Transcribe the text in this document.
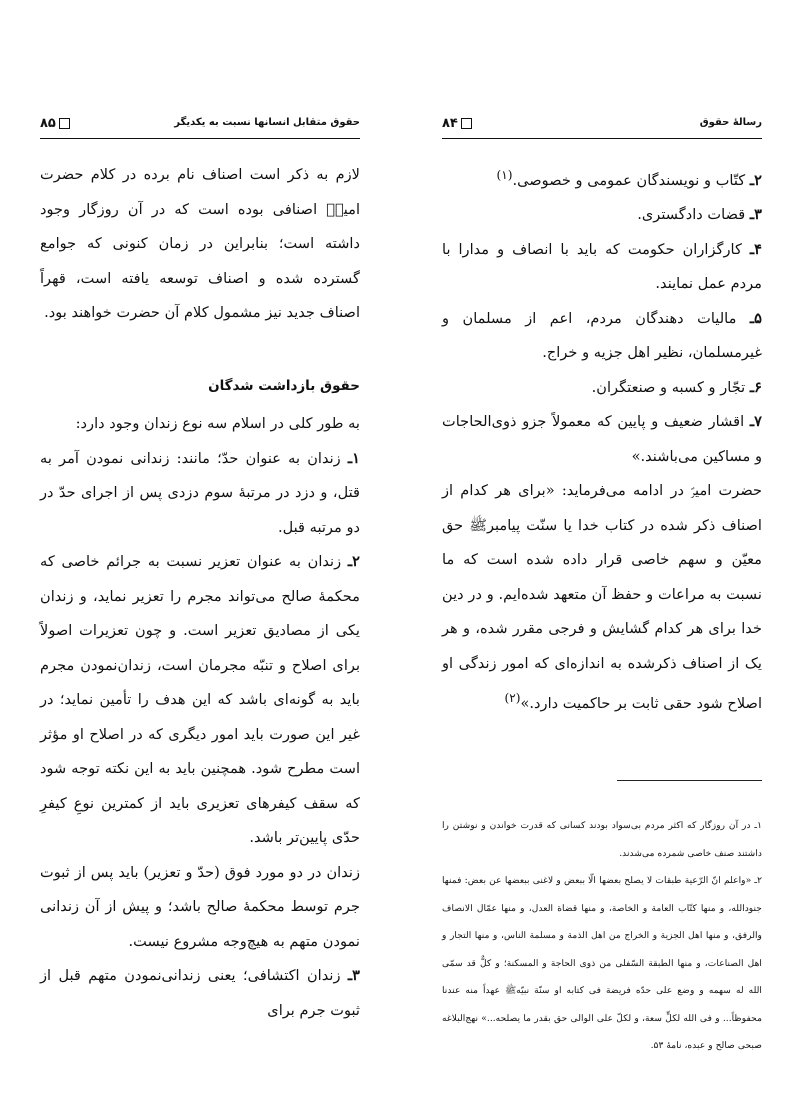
۸۵	حقوق متقابل انسانها نسبت به یکدیگر

لازم به ذکر است اصناف نام برده در کلام حضرت امیرؑ اصنافی بوده است که در آن روزگار وجود داشته است؛ بنابراین در زمان کنونی که جوامع گسترده شده و اصناف توسعه یافته است، قهراً اصناف جدید نیز مشمول کلام آن حضرت خواهند بود.

حقوق بازداشت شدگان

به طور کلی در اسلام سه نوع زندان وجود دارد:

۱ـ زندان به عنوان حدّ؛ مانند: زندانی نمودن آمر به قتل، و دزد در مرتبهٔ سوم دزدی پس از اجرای حدّ در دو مرتبه قبل.

۲ـ زندان به عنوان تعزیر نسبت به جرائم خاصی که محکمهٔ صالح می‌تواند مجرم را تعزیر نماید، و زندان یکی از مصادیق تعزیر است. و چون تعزیرات اصولاً برای اصلاح و تنبّه مجرمان است، زندان‌نمودن مجرم باید به گونه‌ای باشد که این هدف را تأمین نماید؛ در غیر این صورت باید امور دیگری که در اصلاح او مؤثر است مطرح شود. همچنین باید به این نکته توجه شود که سقف کیفرهای تعزیری باید از کمترین نوعِ کیفرِ حدّی پایین‌تر باشد.

زندان در دو مورد فوق (حدّ و تعزیر) باید پس از ثبوت جرم توسط محکمهٔ صالح باشد؛ و پیش از آن زندانی نمودن متهم به هیچ‌وجه مشروع نیست.

۳ـ زندان اکتشافی؛ یعنی زندانی‌نمودن متهم قبل از ثبوت جرم برای

۸۴	رسالهٔ حقوق

۲ـ کتّاب و نویسندگان عمومی و خصوصی.$^{(۱)}$

۳ـ قضات دادگستری.

۴ـ کارگزاران حکومت که باید با انصاف و مدارا با مردم عمل نمایند.

۵ـ مالیات دهندگان مردم، اعم از مسلمان و غیرمسلمان، نظیر اهل جزیه و خراج.

۶ـ تجّار و کسبه و صنعتگران.

۷ـ اقشار ضعیف و پایین که معمولاً جزو ذوی‌الحاجات و مساکین می‌باشند.»

حضرت امیرؑ در ادامه می‌فرماید: «برای هر کدام از اصناف ذکر شده در کتاب خدا یا سنّت پیامبرﷺ حق معیّن و سهم خاصی قرار داده شده است که ما نسبت به مراعات و حفظ آن متعهد شده‌ایم. و در دین خدا برای هر کدام گشایش و فرجی مقرر شده، و هر یک از اصناف ذکرشده به اندازه‌ای که امور زندگی او اصلاح شود حقی ثابت بر حاکمیت دارد.»$^{(۲)}$

۱ـ در آن روزگار که اکثر مردم بی‌سواد بودند کسانی که قدرت خواندن و نوشتن را داشتند صنف خاصی شمرده می‌شدند.

۲ـ «واعلم انّ الرّعیة طبقات لا یصلح بعضها الّا ببعض و لاغنی ببعضها عن بعض: فمنها جنودالله، و منها کتّاب العامة و الخاصة، و منها قضاة العدل، و منها عمّال الانصاف والرفق، و منها اهل الجزیة و الخراج من اهل الذمة و مسلمة الناس، و منها التجار و اهل الصناعات، و منها الطبقة السّفلی من ذوی الحاجة و المسکنة؛ و کلٌّ قد سمّی الله له سهمه و وضع علی حدّه فریضة فی کتابه او سنّة نبیّهﷺ عهداً منه عندنا محفوظاً... و فی الله لکلٍّ سعة، و لکلّ علی الوالی حق بقدر ما یصلحه...» نهج‌البلاغه صبحی صالح و عبده، نامهٔ ۵۳.
